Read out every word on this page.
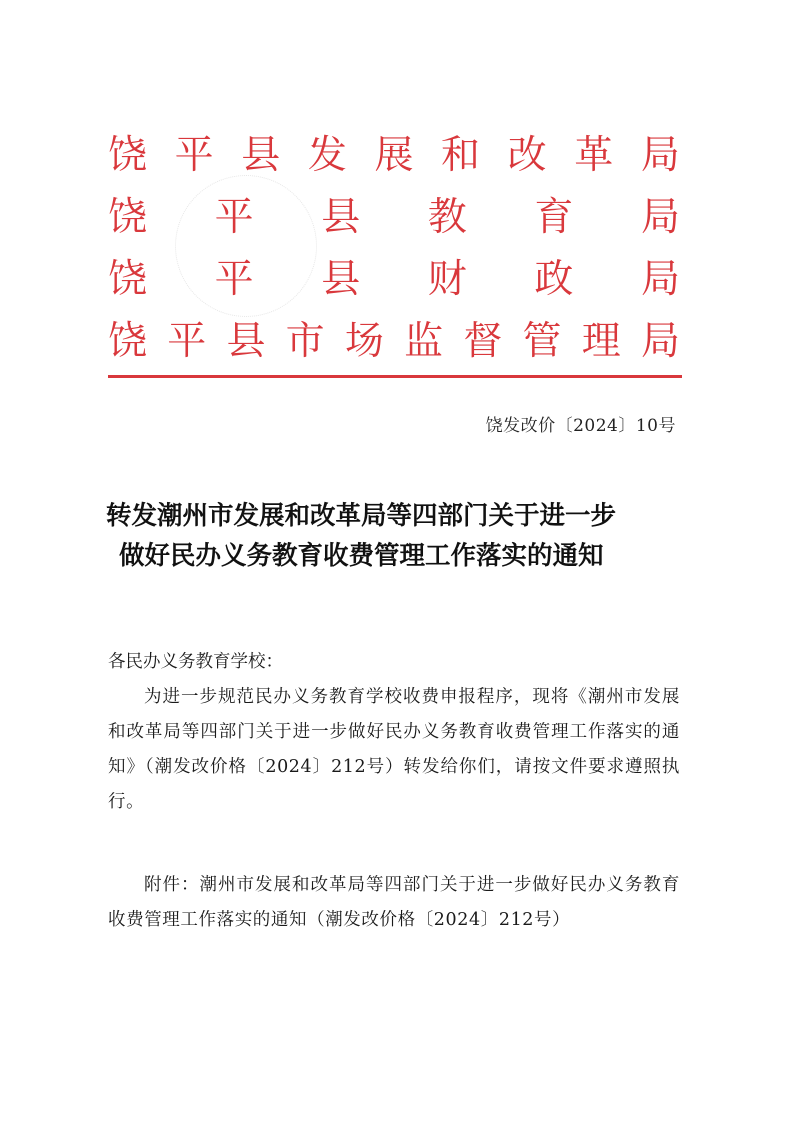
饶 平 县 发 展 和 改 革 局
饶 平 县 教 育 局
饶 平 县 财 政 局
饶 平 县 市 场 监 督 管 理 局
饶发改价〔2024〕10号
转发潮州市发展和改革局等四部门关于进一步
做好民办义务教育收费管理工作落实的通知
各民办义务教育学校：
为进一步规范民办义务教育学校收费申报程序，现将《潮州市发展和改革局等四部门关于进一步做好民办义务教育收费管理工作落实的通知》（潮发改价格〔2024〕212号）转发给你们，请按文件要求遵照执行。
附件：潮州市发展和改革局等四部门关于进一步做好民办义务教育收费管理工作落实的通知（潮发改价格〔2024〕212号）
